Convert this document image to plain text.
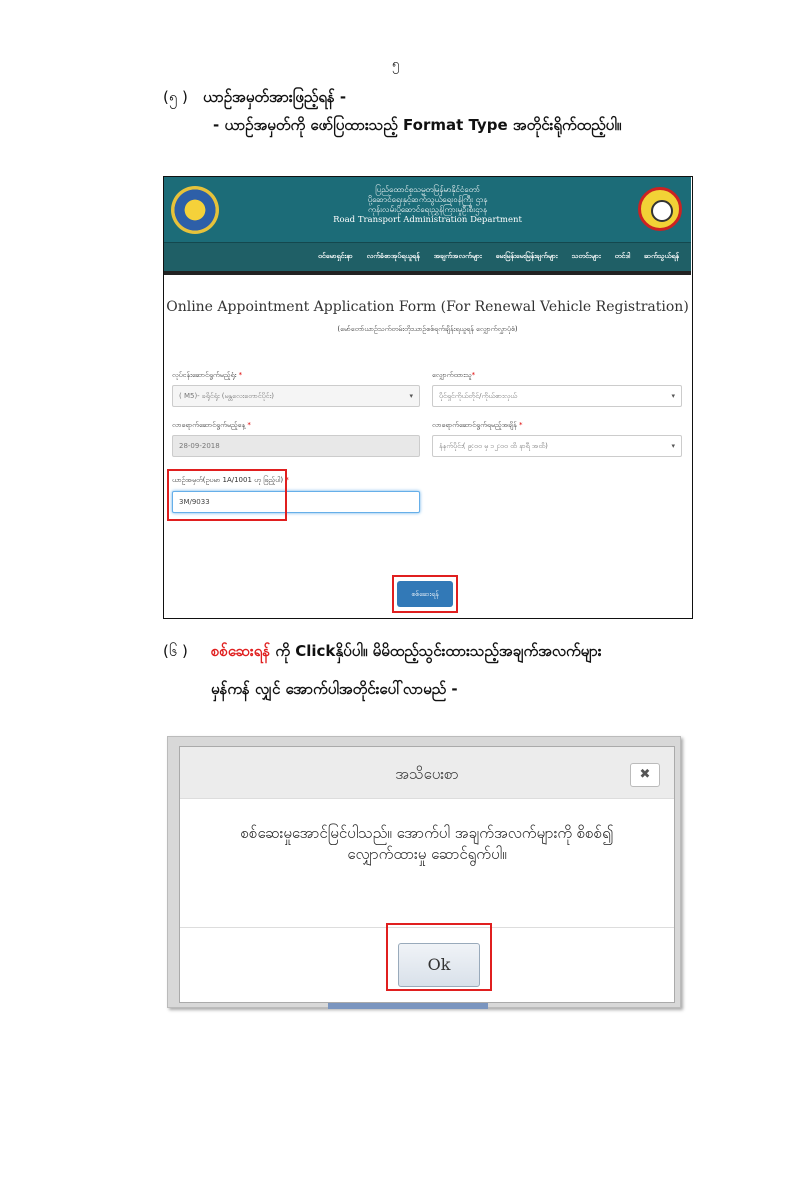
၅
(၅ ) ယာဉ်အမှတ်အားဖြည့်ရန် -
- ယာဉ်အမှတ်ကို ဖော်ပြထားသည့် Format Type အတိုင်းရိုက်ထည့်ပါ။
ပြည်ထောင်စုသမ္မတမြန်မာနိုင်ငံတော်
ပို့ဆောင်ရေးနှင့်ဆက်သွယ်ရေးဝန်ကြီး ဌာန
ကုန်းလမ်းပို့ဆောင်ရေးညွှန်ကြားမှုဦးစီးဌာန
Road Transport Administration Department
ဝင်မောရှင်းနာ လက်ခံစာအုပ်ရယူရန် အချက်အလက်များ မေးမြန်းမေးမြန်းချက်များ သတင်းများ တင်ဒါ ဆက်သွယ်ရန်
Online Appointment Application Form (For Renewal Vehicle Registration)
(မော်တော်ယာဉ်သက်တမ်းတိုးယာဉ်စစ်ရက်ချိန်းရယူရန် လျှောက်လွှာပုံစံ)
လုပ်ငန်းဆောင်ရွက်မည့်ရုံး *
( M5)- ခရိုင်ရုံး (မန္တလေးတောင်ပိုင်း)	▾
လျှောက်ထားသူ*
ပိုင်ရှင်ကိုယ်တိုင်/ကိုယ်စားလှယ်	▾
လာရောက်ဆောင်ရွက်မည့်နေ့ *
28-09-2018
လာရောက်ဆောင်ရွက်ရမည့်အချိန် *
နံနက်ပိုင်း( ၉:၀၀ မှ ၁၂:၀၀ ထိ နာရီ အထိ)	▾
ယာဉ်အမှတ်(ဥပမာ 1A/1001 ဟု ဖြည့်ပါ) *
3M/9033
စစ်ဆေးရန်
(၆ ) စစ်ဆေးရန် ကို Clickနှိပ်ပါ။ မိမိထည့်သွင်းထားသည့်အချက်အလက်များ
မှန်ကန် လျှင် အောက်ပါအတိုင်းပေါ်လာမည် -
အသိပေးစာ	✖
စစ်ဆေးမှုအောင်မြင်ပါသည်။ အောက်ပါ အချက်အလက်များကို စိစစ်၍ လျှောက်ထားမှု ဆောင်ရွက်ပါ။
Ok
